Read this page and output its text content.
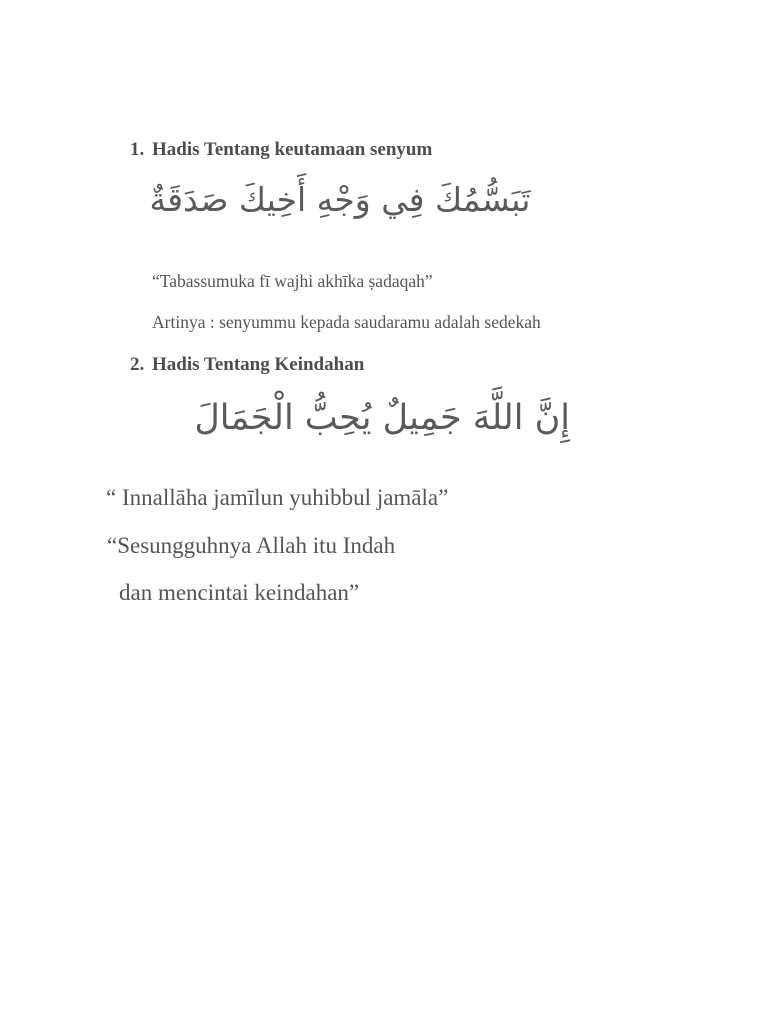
1. Hadis Tentang keutamaan senyum
تَبَسُّمُكَ فِي وَجْهِ أَخِيكَ صَدَقَةٌ
“Tabassumuka fī wajhi akhīka ṣadaqah”
Artinya : senyummu kepada saudaramu adalah sedekah
2. Hadis Tentang Keindahan
إِنَّ اللَّهَ جَمِيلٌ يُحِبُّ الْجَمَالَ
“ Innallāha jamīlun yuhibbul jamāla”
“Sesungguhnya Allah itu Indah
dan mencintai keindahan”
